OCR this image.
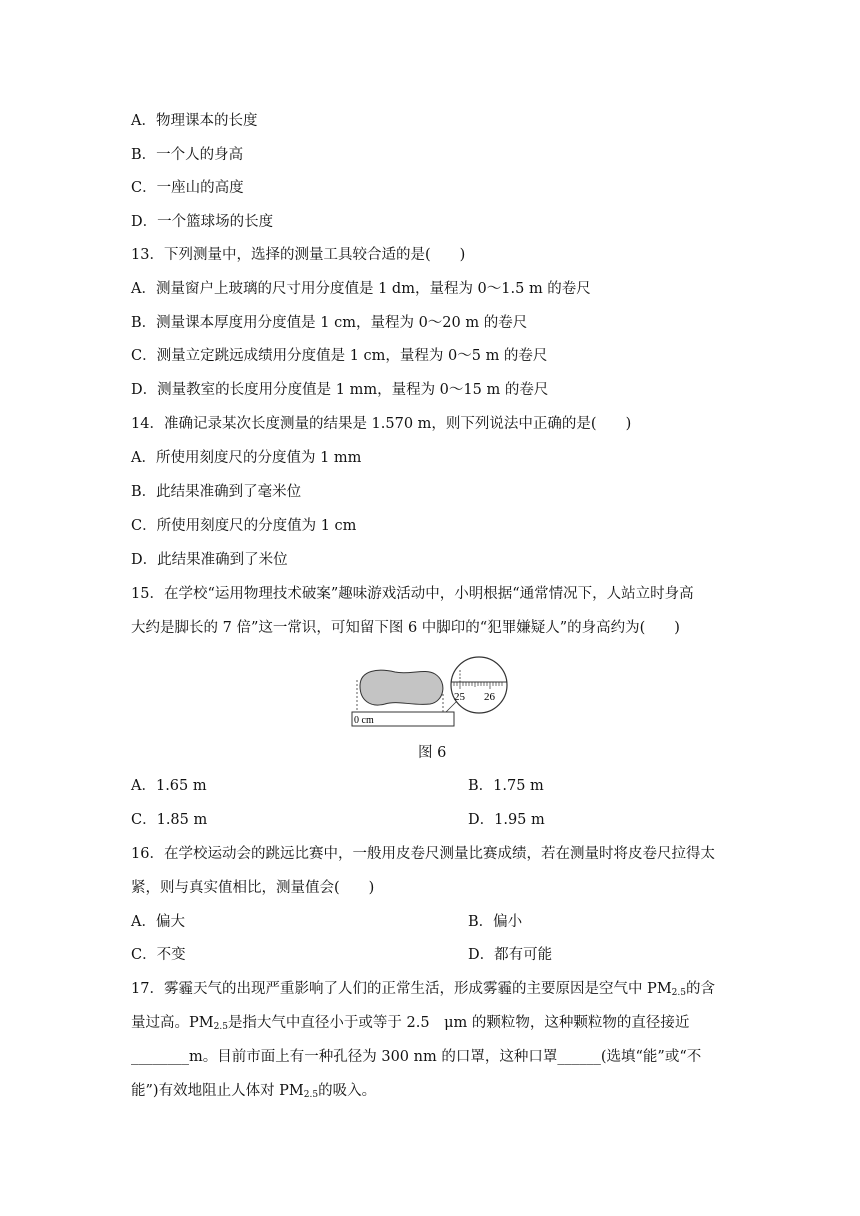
A．物理课本的长度
B．一个人的身高
C．一座山的高度
D．一个篮球场的长度
13．下列测量中，选择的测量工具较合适的是(　　)
A．测量窗户上玻璃的尺寸用分度值是 1 dm，量程为 0～1.5 m 的卷尺
B．测量课本厚度用分度值是 1 cm，量程为 0～20 m 的卷尺
C．测量立定跳远成绩用分度值是 1 cm，量程为 0～5 m 的卷尺
D．测量教室的长度用分度值是 1 mm，量程为 0～15 m 的卷尺
14．准确记录某次长度测量的结果是 1.570 m，则下列说法中正确的是(　　)
A．所使用刻度尺的分度值为 1 mm
B．此结果准确到了毫米位
C．所使用刻度尺的分度值为 1 cm
D．此结果准确到了米位
15．在学校“运用物理技术破案”趣味游戏活动中，小明根据“通常情况下，人站立时身高
大约是脚长的 7 倍”这一常识，可知留下图 6 中脚印的“犯罪嫌疑人”的身高约为(　　)
0 cm
25 26
图 6
A．1.65 m	B．1.75 m
C．1.85 m	D．1.95 m
16．在学校运动会的跳远比赛中，一般用皮卷尺测量比赛成绩，若在测量时将皮卷尺拉得太
紧，则与真实值相比，测量值会(　　)
A．偏大	B．偏小
C．不变	D．都有可能
17．雾霾天气的出现严重影响了人们的正常生活，形成雾霾的主要原因是空气中 $PM_{2.5}$的含
量过高。$PM_{2.5}$是指大气中直径小于或等于 2.5　μm 的颗粒物，这种颗粒物的直径接近
________m。目前市面上有一种孔径为 300 nm 的口罩，这种口罩______(选填“能”或“不
能”)有效地阻止人体对 $PM_{2.5}$的吸入。
